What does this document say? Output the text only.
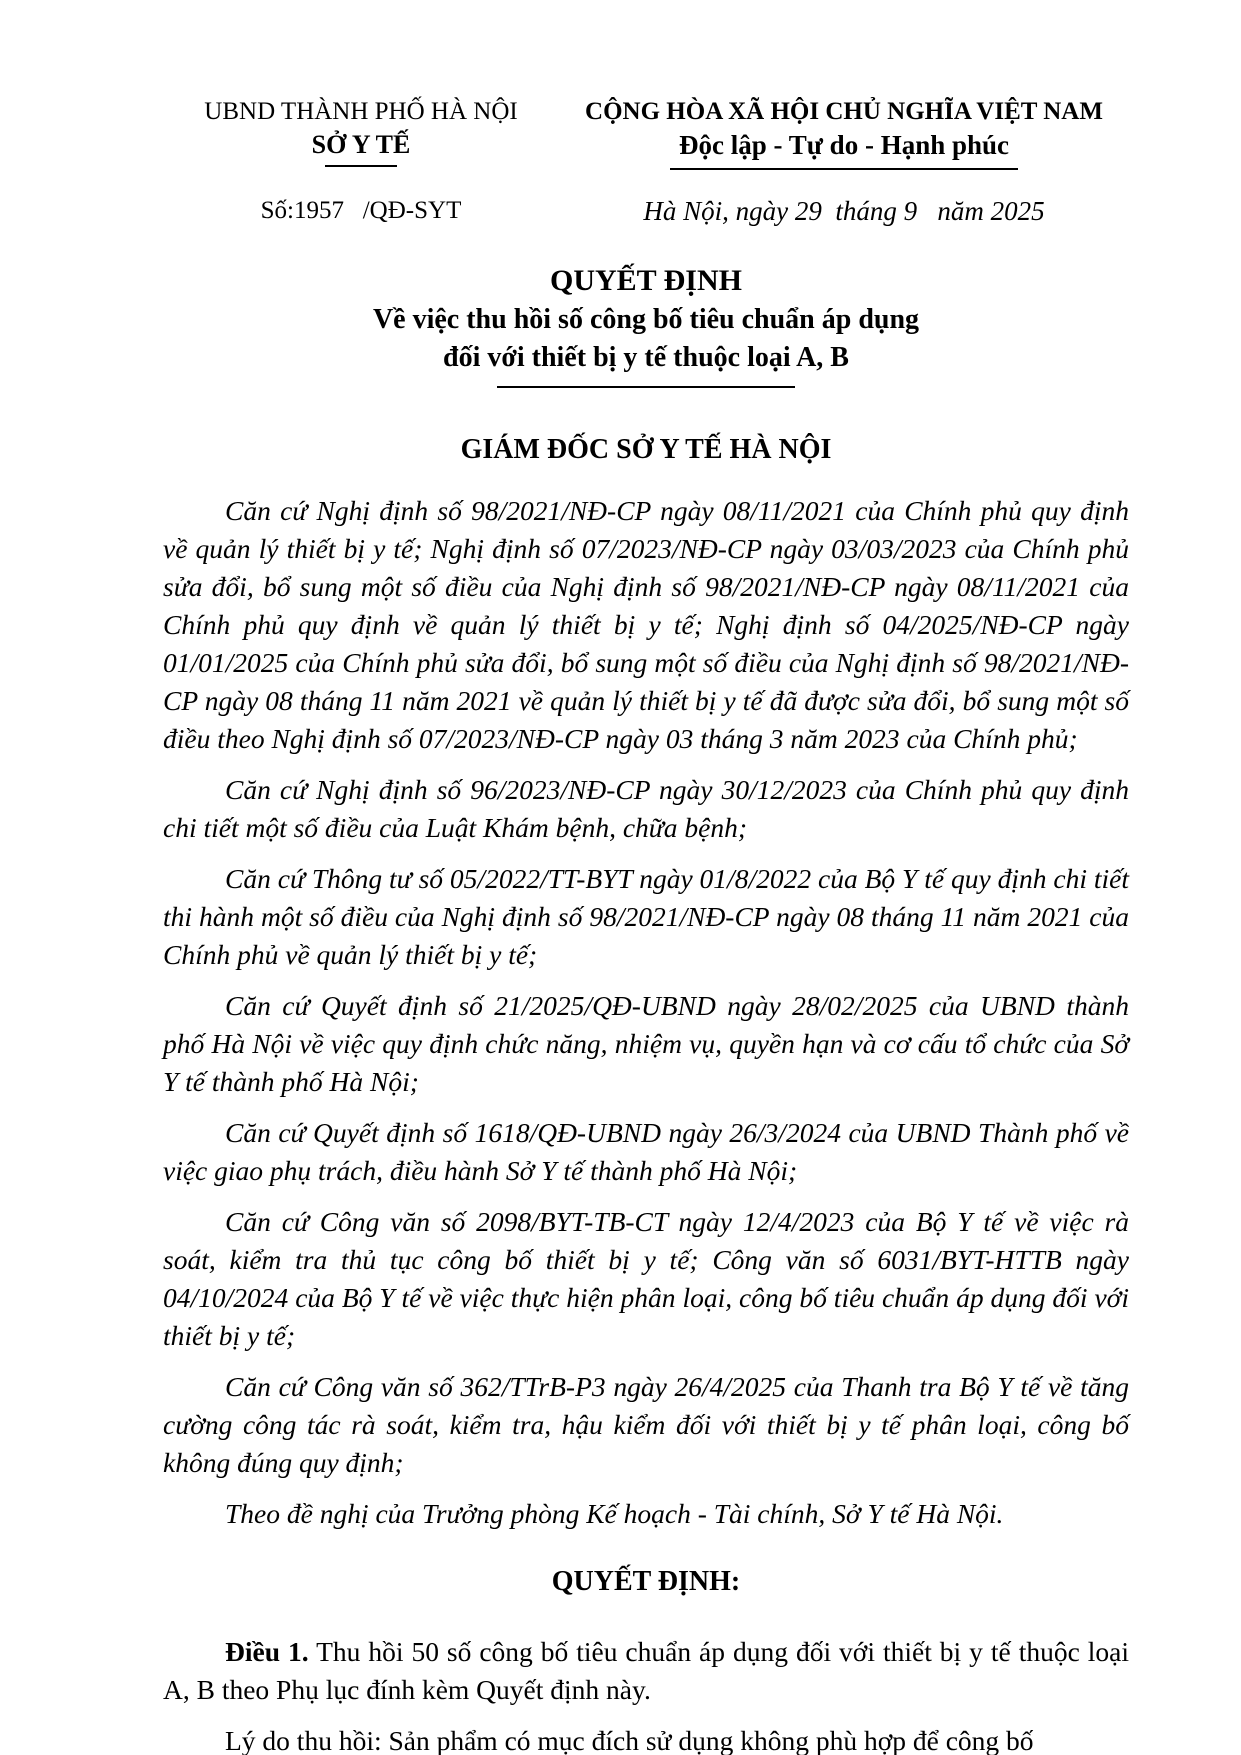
UBND THÀNH PHỐ HÀ NỘI
SỞ Y TẾ
Số:1957   /QĐ-SYT
CỘNG HÒA XÃ HỘI CHỦ NGHĨA VIỆT NAM
Độc lập - Tự do - Hạnh phúc
Hà Nội, ngày 29  tháng 9   năm 2025
QUYẾT ĐỊNH
Về việc thu hồi số công bố tiêu chuẩn áp dụng
đối với thiết bị y tế thuộc loại A, B
GIÁM ĐỐC SỞ Y TẾ HÀ NỘI

Căn cứ Nghị định số 98/2021/NĐ-CP ngày 08/11/2021 của Chính phủ quy định về quản lý thiết bị y tế; Nghị định số 07/2023/NĐ-CP ngày 03/03/2023 của Chính phủ sửa đổi, bổ sung một số điều của Nghị định số 98/2021/NĐ-CP ngày 08/11/2021 của Chính phủ quy định về quản lý thiết bị y tế; Nghị định số 04/2025/NĐ-CP ngày 01/01/2025 của Chính phủ sửa đổi, bổ sung một số điều của Nghị định số 98/2021/NĐ-CP ngày 08 tháng 11 năm 2021 về quản lý thiết bị y tế đã được sửa đổi, bổ sung một số điều theo Nghị định số 07/2023/NĐ-CP ngày 03 tháng 3 năm 2023 của Chính phủ;

Căn cứ Nghị định số 96/2023/NĐ-CP ngày 30/12/2023 của Chính phủ quy định chi tiết một số điều của Luật Khám bệnh, chữa bệnh;

Căn cứ Thông tư số 05/2022/TT-BYT ngày 01/8/2022 của Bộ Y tế quy định chi tiết thi hành một số điều của Nghị định số 98/2021/NĐ-CP ngày 08 tháng 11 năm 2021 của Chính phủ về quản lý thiết bị y tế;

Căn cứ Quyết định số 21/2025/QĐ-UBND ngày 28/02/2025 của UBND thành phố Hà Nội về việc quy định chức năng, nhiệm vụ, quyền hạn và cơ cấu tổ chức của Sở Y tế thành phố Hà Nội;

Căn cứ Quyết định số 1618/QĐ-UBND ngày 26/3/2024 của UBND Thành phố về việc giao phụ trách, điều hành Sở Y tế thành phố Hà Nội;

Căn cứ Công văn số 2098/BYT-TB-CT ngày 12/4/2023 của Bộ Y tế về việc rà soát, kiểm tra thủ tục công bố thiết bị y tế; Công văn số 6031/BYT-HTTB ngày 04/10/2024 của Bộ Y tế về việc thực hiện phân loại, công bố tiêu chuẩn áp dụng đối với thiết bị y tế;

Căn cứ Công văn số 362/TTrB-P3 ngày 26/4/2025 của Thanh tra Bộ Y tế về tăng cường công tác rà soát, kiểm tra, hậu kiểm đối với thiết bị y tế phân loại, công bố không đúng quy định;

Theo đề nghị của Trưởng phòng Kế hoạch - Tài chính, Sở Y tế Hà Nội.

QUYẾT ĐỊNH:

Điều 1. Thu hồi 50 số công bố tiêu chuẩn áp dụng đối với thiết bị y tế thuộc loại A, B theo Phụ lục đính kèm Quyết định này.

Lý do thu hồi: Sản phẩm có mục đích sử dụng không phù hợp để công bố
